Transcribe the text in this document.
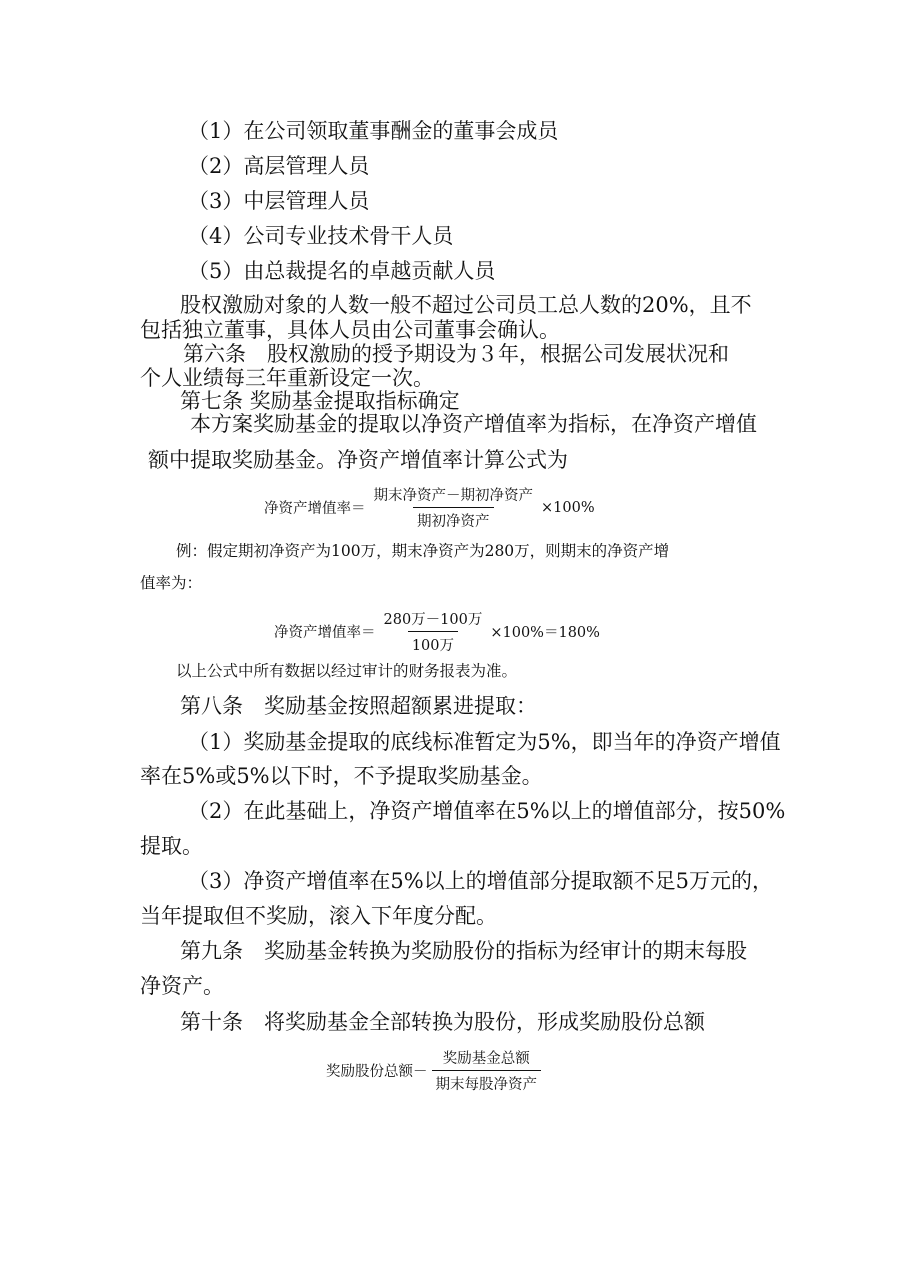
（1）在公司领取董事酬金的董事会成员
（2）高层管理人员
（3）中层管理人员
（4）公司专业技术骨干人员
（5）由总裁提名的卓越贡献人员
股权激励对象的人数一般不超过公司员工总人数的20%，且不
包括独立董事，具体人员由公司董事会确认。
第六条　股权激励的授予期设为３年，根据公司发展状况和
个人业绩每三年重新设定一次。
第七条 奖励基金提取指标确定
本方案奖励基金的提取以净资产增值率为指标，在净资产增值
额中提取奖励基金。净资产增值率计算公式为
净资产增值率＝ $\frac{\text{期末净资产－期初净资产}}{\text{期初净资产}} \times 100\%$
例：假定期初净资产为100万，期末净资产为280万，则期末的净资产增
值率为：
净资产增值率＝ $\frac{\text{280万－100万}}{\text{100万}} \times 100\%=180\%$
以上公式中所有数据以经过审计的财务报表为准。
第八条　奖励基金按照超额累进提取：
（1）奖励基金提取的底线标准暂定为5%，即当年的净资产增值
率在5%或5%以下时，不予提取奖励基金。
（2）在此基础上，净资产增值率在5%以上的增值部分，按50%
提取。
（3）净资产增值率在5%以上的增值部分提取额不足5万元的，
当年提取但不奖励，滚入下年度分配。
第九条　奖励基金转换为奖励股份的指标为经审计的期末每股
净资产。
第十条　将奖励基金全部转换为股份，形成奖励股份总额
奖励股份总额－ $\frac{\text{奖励基金总额}}{\text{期末每股净资产}}$
